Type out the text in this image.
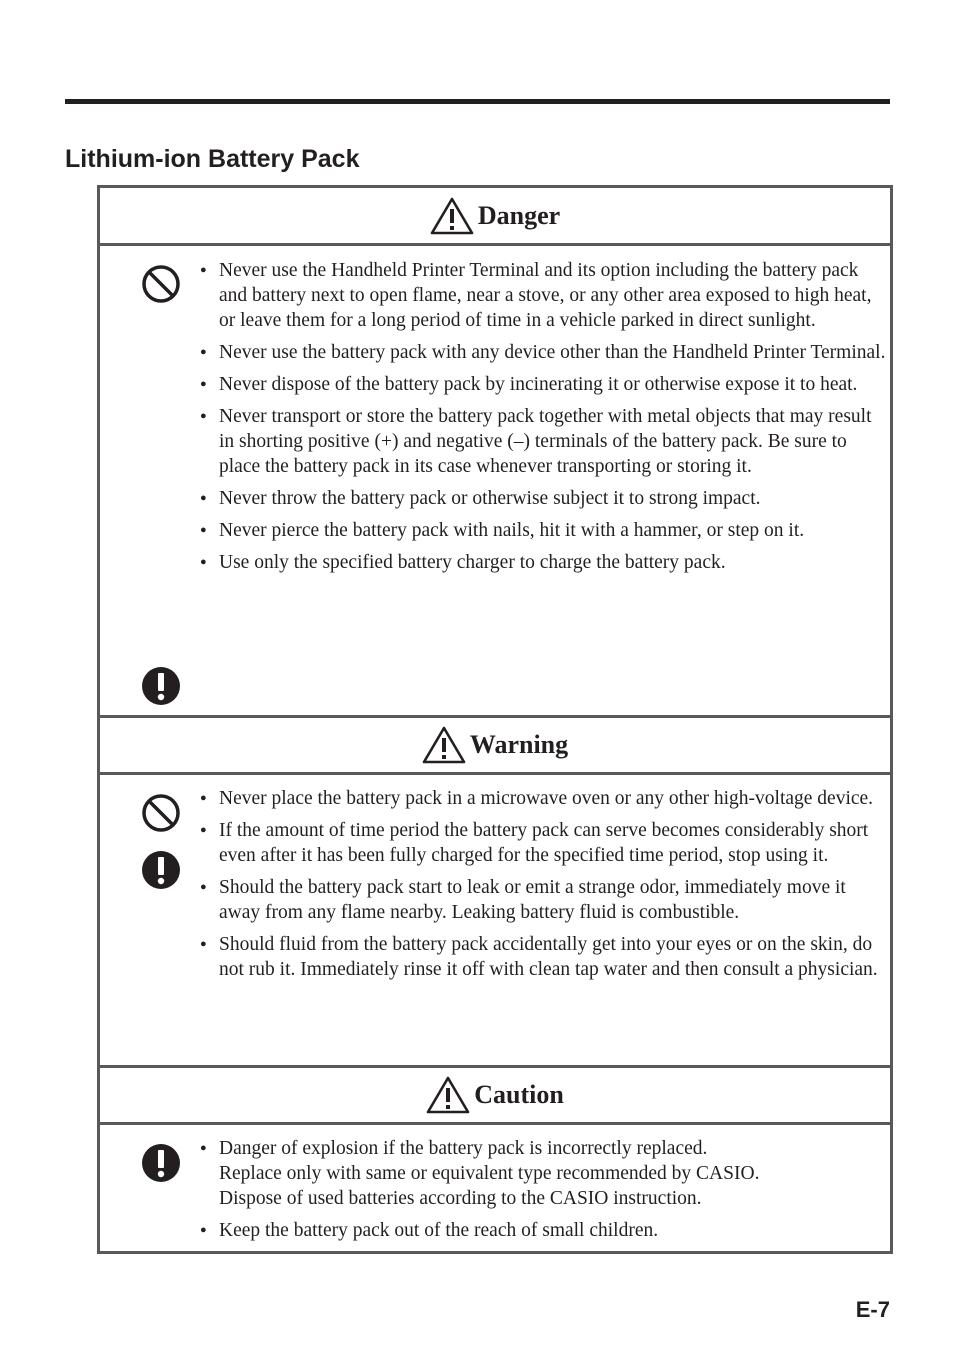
Lithium-ion Battery Pack
Danger
● Never use the Handheld Printer Terminal and its option including the battery pack and battery next to open flame, near a stove, or any other area exposed to high heat, or leave them for a long period of time in a vehicle parked in direct sunlight.
● Never use the battery pack with any device other than the Handheld Printer Terminal.
● Never dispose of the battery pack by incinerating it or otherwise expose it to heat.
● Never transport or store the battery pack together with metal objects that may result in shorting positive (+) and negative (–) terminals of the battery pack. Be sure to place the battery pack in its case whenever transporting or storing it.
● Never throw the battery pack or otherwise subject it to strong impact.
● Never pierce the battery pack with nails, hit it with a hammer, or step on it.
● Use only the specified battery charger to charge the battery pack.
Warning
● Never place the battery pack in a microwave oven or any other high-voltage device.
● If the amount of time period the battery pack can serve becomes considerably short even after it has been fully charged for the specified time period, stop using it.
● Should the battery pack start to leak or emit a strange odor, immediately move it away from any flame nearby. Leaking battery fluid is combustible.
● Should fluid from the battery pack accidentally get into your eyes or on the skin, do not rub it. Immediately rinse it off with clean tap water and then consult a physician.
Caution
● Danger of explosion if the battery pack is incorrectly replaced.
Replace only with same or equivalent type recommended by CASIO.
Dispose of used batteries according to the CASIO instruction.
● Keep the battery pack out of the reach of small children.
E-7
